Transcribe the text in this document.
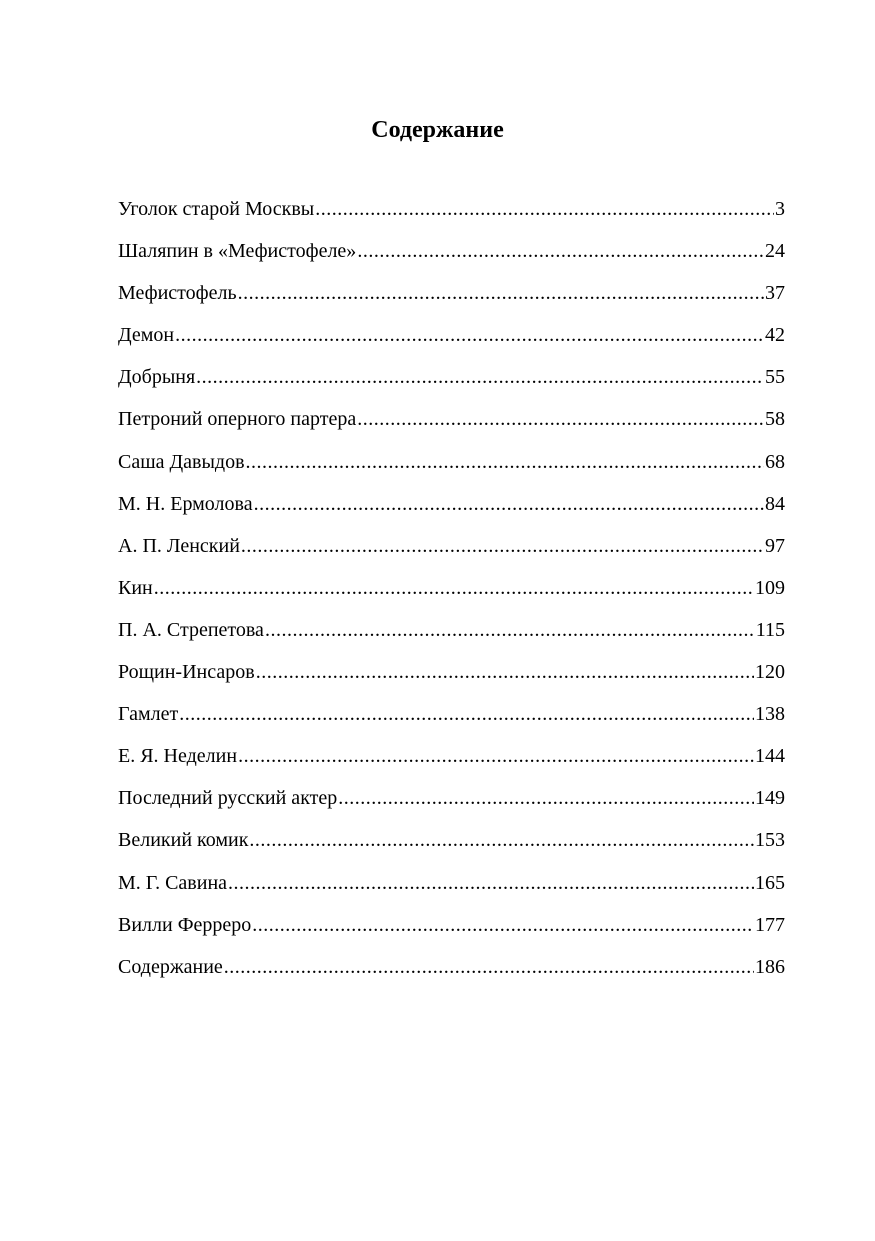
Содержание
Уголок старой Москвы .....	3
Шаляпин в «Мефистофеле» .....	24
Мефистофель .....	37
Демон .....	42
Добрыня .....	55
Петроний оперного партера .....	58
Саша Давыдов .....	68
М. Н. Ермолова .....	84
А. П. Ленский .....	97
Кин .....	109
П. А. Стрепетова .....	115
Рощин-Инсаров .....	120
Гамлет .....	138
Е. Я. Неделин .....	144
Последний русский актер .....	149
Великий комик .....	153
М. Г. Савина .....	165
Вилли Ферреро .....	177
Содержание .....	186
